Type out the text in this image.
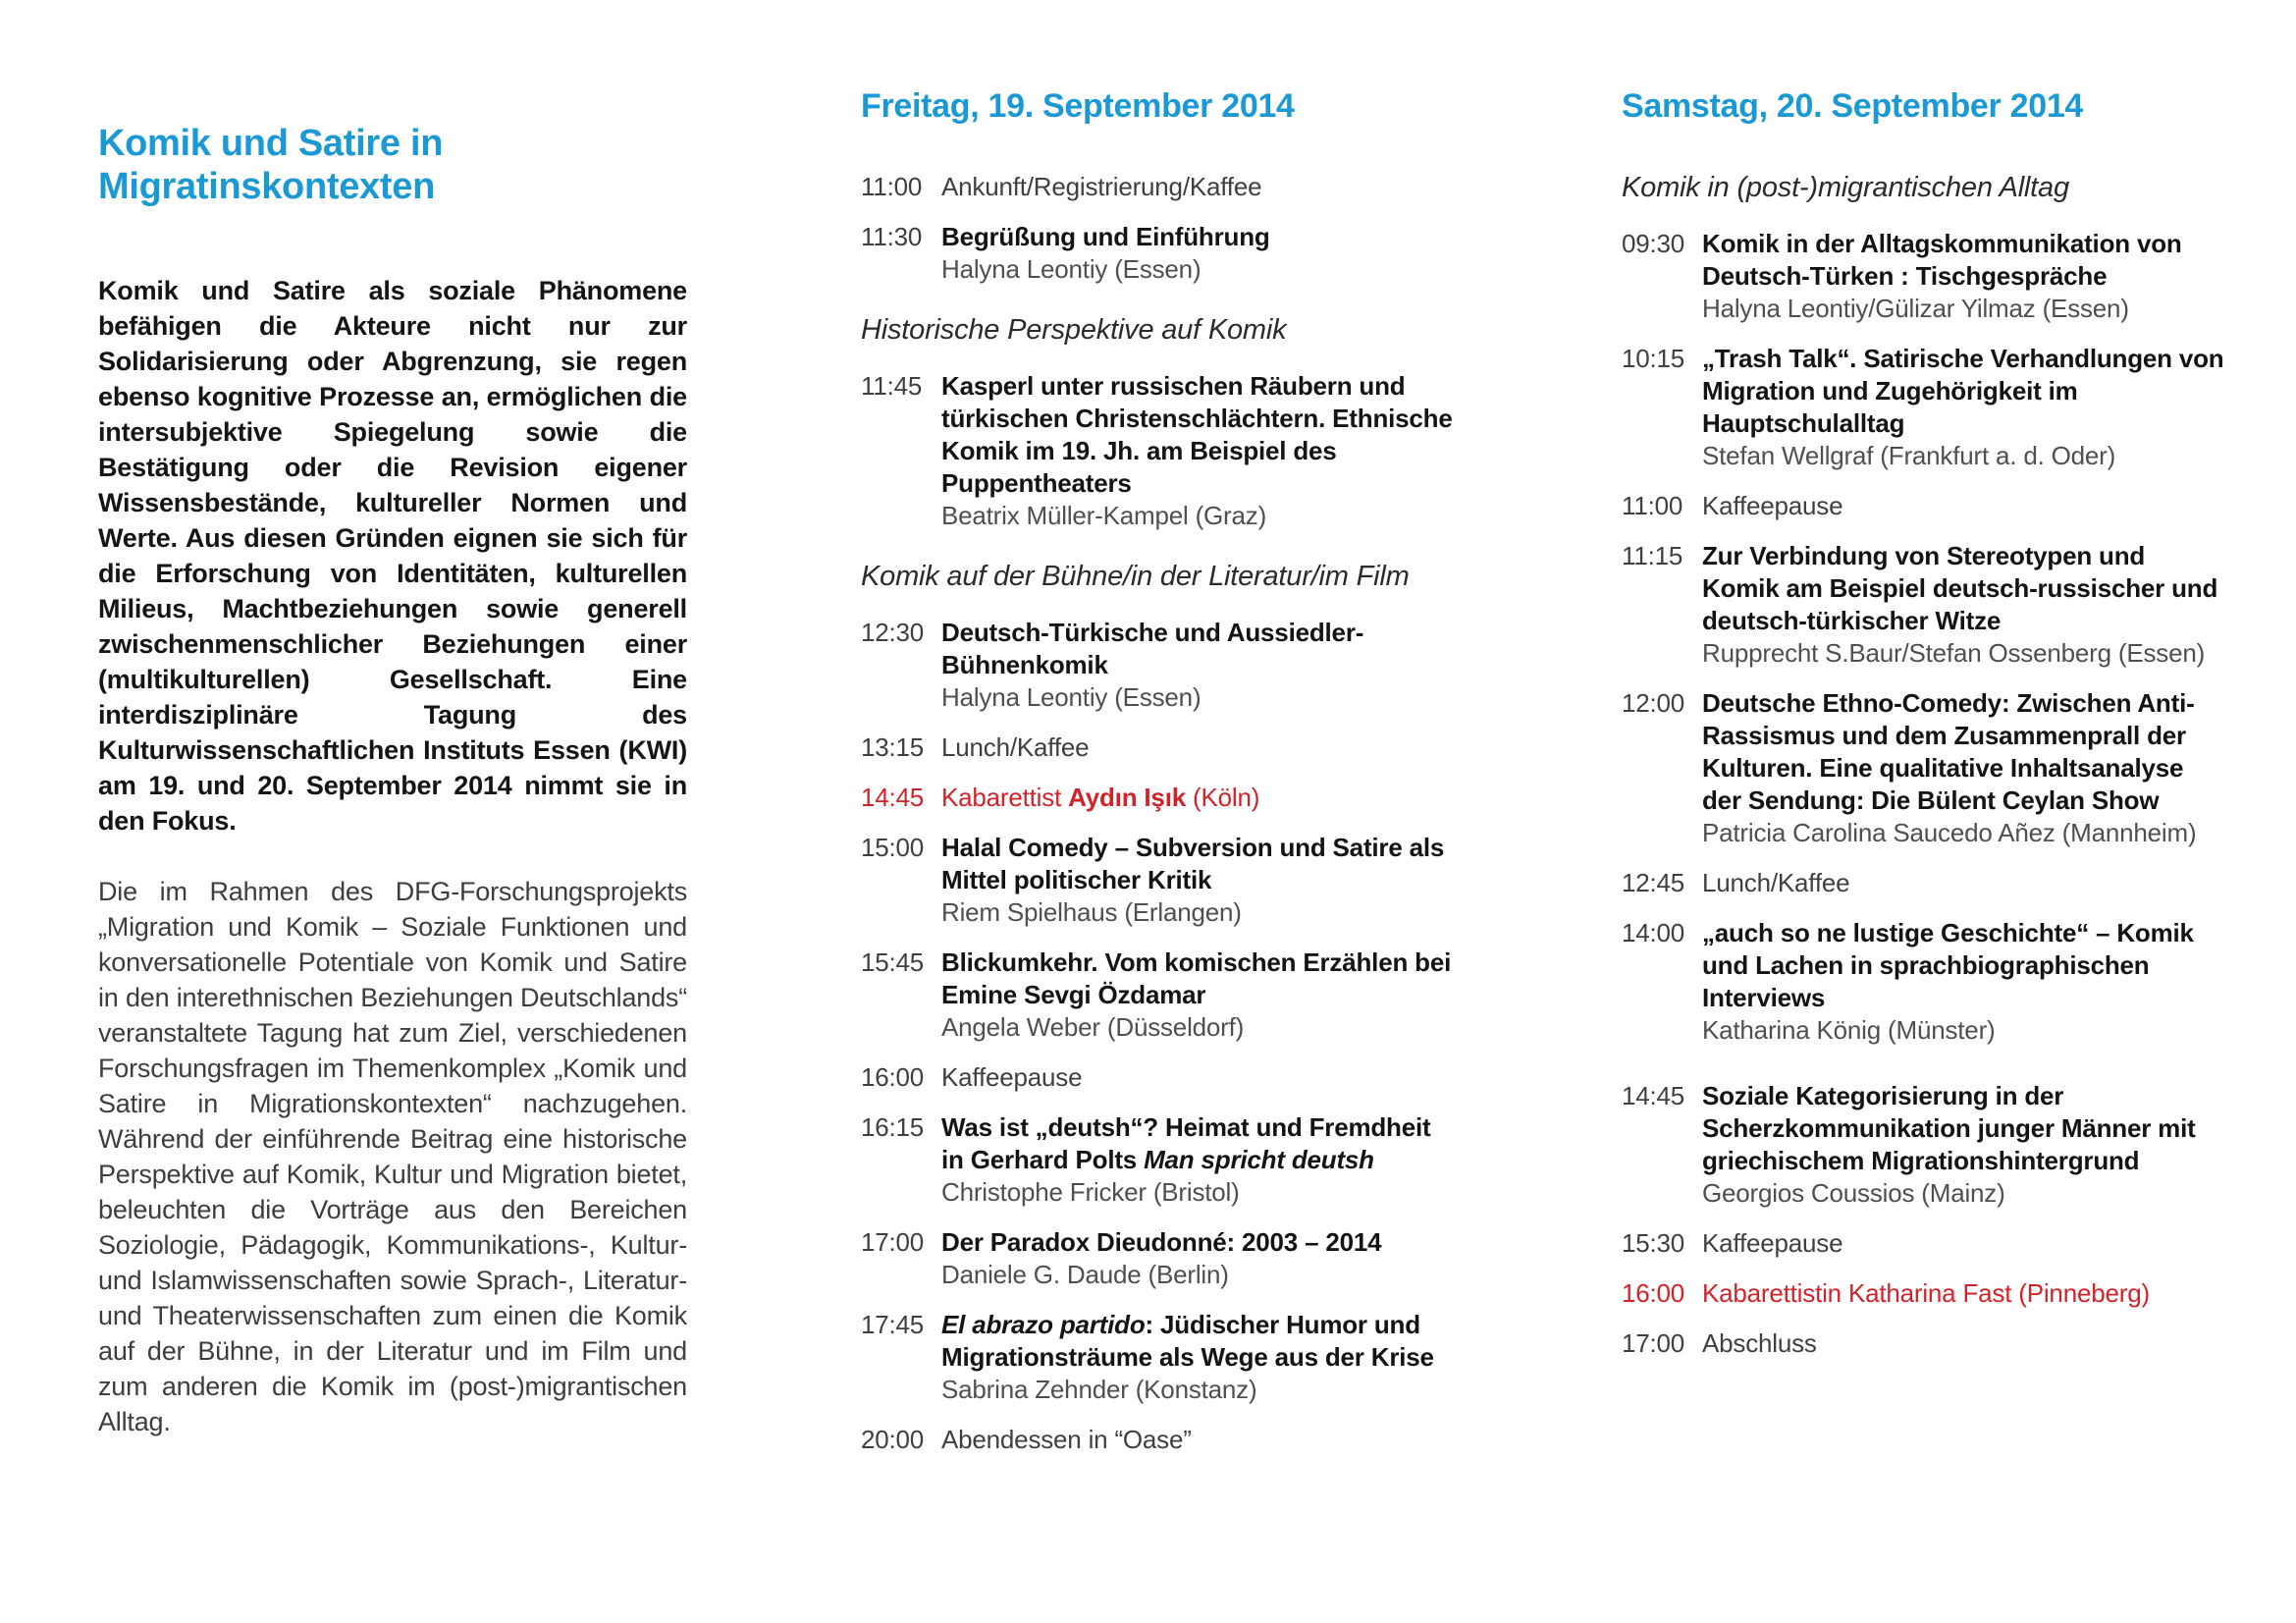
Komik und Satire in
Migratinskontexten

Komik und Satire als soziale Phänomene befähigen die Akteure nicht nur zur Solidarisierung oder Abgrenzung, sie regen ebenso kognitive Prozesse an, ermöglichen die intersubjektive Spiegelung sowie die Bestätigung oder die Revision eigener Wissensbestände, kultureller Normen und Werte. Aus diesen Gründen eignen sie sich für die Erforschung von Identitäten, kulturellen Milieus, Machtbeziehungen sowie generell zwischenmenschlicher Beziehungen einer (multikulturellen) Gesellschaft. Eine interdisziplinäre Tagung des Kulturwissenschaftlichen Instituts Essen (KWI) am 19. und 20. September 2014 nimmt sie in den Fokus.

Die im Rahmen des DFG-Forschungsprojekts „Migration und Komik – Soziale Funktionen und konversationelle Potentiale von Komik und Satire in den interethnischen Beziehungen Deutschlands“ veranstaltete Tagung hat zum Ziel, verschiedenen Forschungsfragen im Themenkomplex „Komik und Satire in Migrationskontexten“ nachzugehen. Während der einführende Beitrag eine historische Perspektive auf Komik, Kultur und Migration bietet, beleuchten die Vorträge aus den Bereichen Soziologie, Pädagogik, Kommunikations-, Kultur- und Islamwissenschaften sowie Sprach-, Literatur- und Theaterwissenschaften zum einen die Komik auf der Bühne, in der Literatur und im Film und zum anderen die Komik im (post-)migrantischen Alltag.

Freitag, 19. September 2014
11:00 Ankunft/Registrierung/Kaffee
11:30 Begrüßung und Einführung
Halyna Leontiy (Essen)
Historische Perspektive auf Komik
11:45 Kasperl unter russischen Räubern und türkischen Christenschlächtern. Ethnische Komik im 19. Jh. am Beispiel des Puppentheaters
Beatrix Müller-Kampel (Graz)
Komik auf der Bühne/in der Literatur/im Film
12:30 Deutsch-Türkische und Aussiedler-Bühnenkomik
Halyna Leontiy (Essen)
13:15 Lunch/Kaffee
14:45 Kabarettist Aydın Işık (Köln)
15:00 Halal Comedy – Subversion und Satire als Mittel politischer Kritik
Riem Spielhaus (Erlangen)
15:45 Blickumkehr. Vom komischen Erzählen bei Emine Sevgi Özdamar
Angela Weber (Düsseldorf)
16:00 Kaffeepause
16:15 Was ist „deutsh“? Heimat und Fremdheit in Gerhard Polts Man spricht deutsh
Christophe Fricker (Bristol)
17:00 Der Paradox Dieudonné: 2003 – 2014
Daniele G. Daude (Berlin)
17:45 El abrazo partido: Jüdischer Humor und Migrationsträume als Wege aus der Krise
Sabrina Zehnder (Konstanz)
20:00 Abendessen in “Oase”
Samstag, 20. September 2014
Komik in (post-)migrantischen Alltag
09:30 Komik in der Alltagskommunikation von Deutsch-Türken : Tischgespräche
Halyna Leontiy/Gülizar Yilmaz (Essen)
10:15 „Trash Talk“. Satirische Verhandlungen von Migration und Zugehörigkeit im Hauptschulalltag
Stefan Wellgraf (Frankfurt a. d. Oder)
11:00 Kaffeepause
11:15 Zur Verbindung von Stereotypen und Komik am Beispiel deutsch-russischer und deutsch-türkischer Witze
Rupprecht S.Baur/Stefan Ossenberg (Essen)
12:00 Deutsche Ethno-Comedy: Zwischen Anti-Rassismus und dem Zusammenprall der Kulturen. Eine qualitative Inhaltsanalyse der Sendung: Die Bülent Ceylan Show
Patricia Carolina Saucedo Añez (Mannheim)
12:45 Lunch/Kaffee
14:00 „auch so ne lustige Geschichte“ – Komik und Lachen in sprachbiographischen Interviews
Katharina König (Münster)
14:45 Soziale Kategorisierung in der Scherzkommunikation junger Männer mit griechischem Migrationshintergrund
Georgios Coussios (Mainz)
15:30 Kaffeepause
16:00 Kabarettistin Katharina Fast (Pinneberg)
17:00 Abschluss
